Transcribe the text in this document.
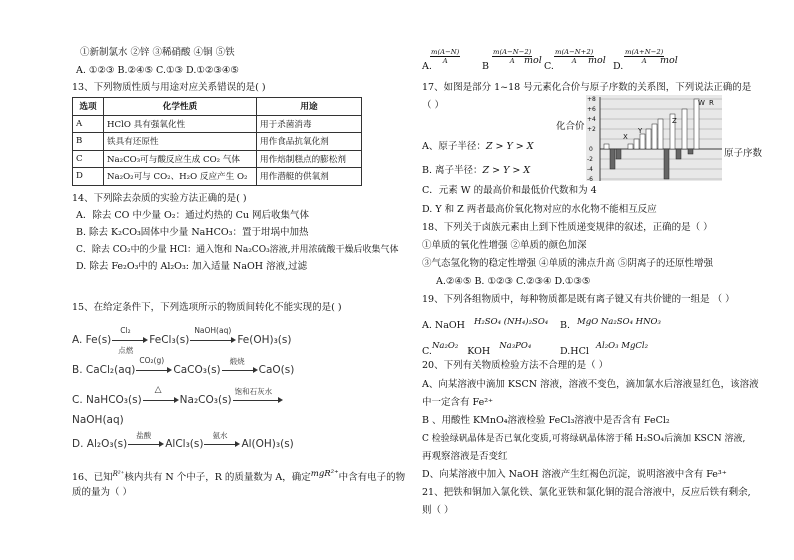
①新制氯水 ②锌 ③稀硝酸 ④铜 ⑤铁
A. ①②③ B.②④⑤ C.①③ D.①②③④⑤
13、下列物质性质与用途对应关系错误的是( )
选项	化学性质	用途
A	HClO 具有强氧化性	用于杀菌消毒
B	铁具有还原性	用作食品抗氧化剂
C	Na₂CO₃可与酸反应生成 CO₂ 气体	用作焙制糕点的膨松剂
D	Na₂O₂可与 CO₂、H₂O 反应产生 O₂	用作潜艇的供氧剂
14、下列除去杂质的实验方法正确的是( )
A．除去 CO 中少量 O₂：通过灼热的 Cu 网后收集气体
B. 除去 K₂CO₃固体中少量 NaHCO₃：置于坩埚中加热
C．除去 CO₂中的少量 HCl：通入饱和 Na₂CO₃溶液,并用浓硫酸干燥后收集气体
D. 除去 Fe₂O₃中的 Al₂O₃: 加入适量 NaOH 溶液,过滤
15、在给定条件下，下列选项所示的物质间转化不能实现的是( )
A. Fe(s)
Cl₂
点燃
FeCl₃(s)
NaOH(aq)
Fe(OH)₃(s)
B. CaCl₂(aq)
CO₂(g)
CaCO₃(s)
煅烧
CaO(s)
C. NaHCO₃(s)
△
Na₂CO₃(s)
饱和石灰水
NaOH(aq)
D. Al₂O₃(s)
盐酸
AlCl₃(s)
氨水
Al(OH)₃(s)
16、已知$^{R^{2+}}$核内共有 N 个中子，R 的质量数为 A，确定mgR²⁺中含有电子的物
质的量为（ ）
A.
$\frac{m(A-N)}{A}$
B
$\frac{m(A-N-2)}{A}$
mol
C.
$\frac{m(A-N+2)}{A}$
mol
D.
$\frac{m(A+N-2)}{A}$
mol
17、如图是部分 1~18 号元素化合价与原子序数的关系图，下列说法正确的是
（ ）
化合价
原子序数
+8
+6
+4
+2
0
-2
-4
-6
X
Y
Z
W R
A、原子半径：Z > Y > X
B. 离子半径：Z > Y > X
C．元素 W 的最高价和最低价代数和为 4
D. Y 和 Z 两者最高价氧化物对应的水化物不能相互反应
18、下列关于卤族元素由上到下性质递变规律的叙述，正确的是（ ）
①单质的氧化性增强 ②单质的颜色加深
③气态氢化物的稳定性增强 ④单质的沸点升高 ⑤阴离子的还原性增强
A.②④⑤ B. ①②③ C.②③④ D.①③⑤
19、下列各组物质中，每种物质都是既有离子键又有共价键的一组是 （ ）
A. NaOH H₂SO₄ (NH₄)₂SO₄ B. MgO Na₂SO₄ HNO₃
C.Na₂O₂ KOH Na₃PO₄	D.HCl Al₂O₃ MgCl₂
20、下列有关物质检验方法不合理的是（ ）
A、向某溶液中滴加 KSCN 溶液，溶液不变色，滴加氯水后溶液显红色，该溶液
中一定含有 Fe²⁺
B 、用酸性 KMnO₄溶液检验 FeCl₃溶液中是否含有 FeCl₂
C 检验绿矾晶体是否已氧化变质,可将绿矾晶体溶于稀 H₂SO₄后滴加 KSCN 溶液,
再观察溶液是否变红
D、向某溶液中加入 NaOH 溶液产生红褐色沉淀，说明溶液中含有 Fe³⁺
21、把铁和铜加入氯化铁、氯化亚铁和氯化铜的混合溶液中，反应后铁有剩余,
则（ ）
